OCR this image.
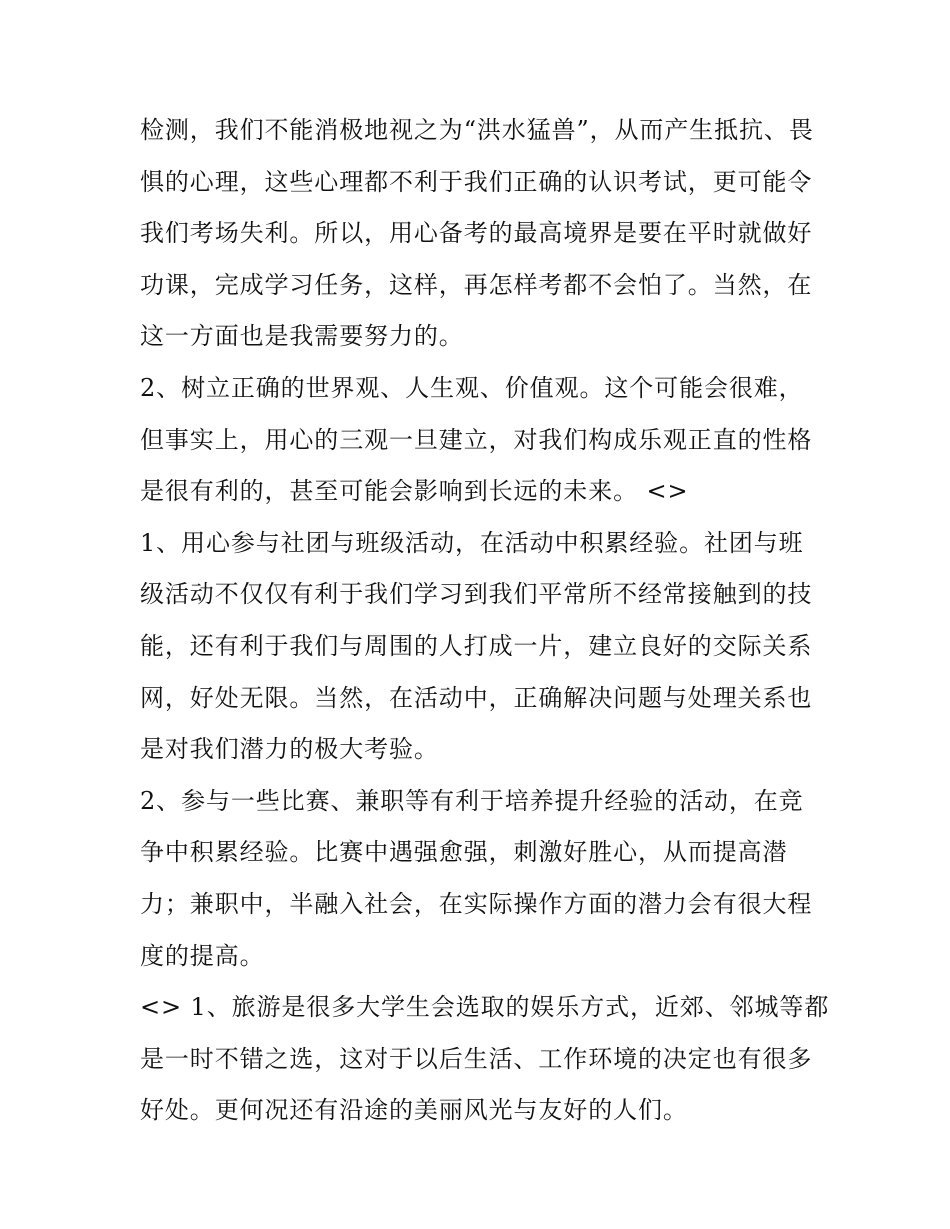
检测，我们不能消极地视之为“洪水猛兽”，从而产生抵抗、畏
惧的心理，这些心理都不利于我们正确的认识考试，更可能令
我们考场失利。所以，用心备考的最高境界是要在平时就做好
功课，完成学习任务，这样，再怎样考都不会怕了。当然，在
这一方面也是我需要努力的。
2、树立正确的世界观、人生观、价值观。这个可能会很难，
但事实上，用心的三观一旦建立，对我们构成乐观正直的性格
是很有利的，甚至可能会影响到长远的未来。 <>
1、用心参与社团与班级活动，在活动中积累经验。社团与班
级活动不仅仅有利于我们学习到我们平常所不经常接触到的技
能，还有利于我们与周围的人打成一片，建立良好的交际关系
网，好处无限。当然，在活动中，正确解决问题与处理关系也
是对我们潜力的极大考验。
2、参与一些比赛、兼职等有利于培养提升经验的活动，在竞
争中积累经验。比赛中遇强愈强，刺激好胜心，从而提高潜
力；兼职中，半融入社会，在实际操作方面的潜力会有很大程
度的提高。
<> 1、旅游是很多大学生会选取的娱乐方式，近郊、邻城等都
是一时不错之选，这对于以后生活、工作环境的决定也有很多
好处。更何况还有沿途的美丽风光与友好的人们。
